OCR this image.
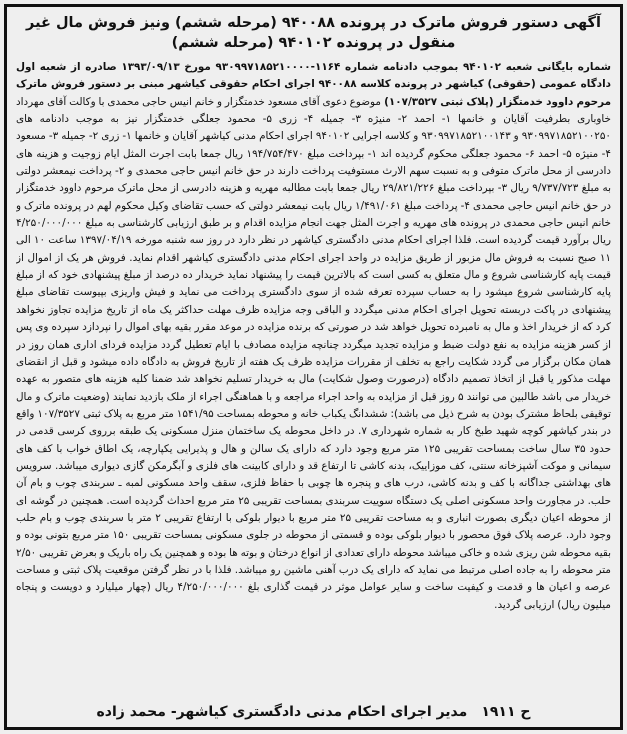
آگهی دستور فروش ماترک در پرونده ۹۴۰۰۸۸ (مرحله ششم) ونیز فروش مال غیر منقول در پرونده ۹۴۰۱۰۲ (مرحله ششم)
شماره بایگانی شعبه ۹۴۰۱۰۲ بموجب دادنامه شماره ۱۱۶۴-۹۳۰۹۹۷۱۸۵۲۱۰۰۰۰ مورخ ۱۳۹۳/۰۹/۱۳ صادره از شعبه اول دادگاه عمومی (حقوقی) کیاشهر در پرونده کلاسه ۹۴۰۰۸۸ اجرای احکام حقوقی کیاشهر مبنی بر دستور فروش ماترک مرحوم داوود خدمتگزار (پلاک ثبتی ۱۰۷/۳۵۲۷) موضوع دعوی آقای مسعود خدمتگزار و خانم انیس حاجی محمدی با وکالت آقای مهرداد خاوباری بطرفیت آقایان و خانمها ۱- احمد ۲- منیژه ۳- جمیله ۴- زری ۵- محمود جعلگی خدمتگزار نیز به موجب دادنامه های ۹۳۰۹۹۷۱۸۵۲۱۰۰۲۵۰ و ۹۳۰۹۹۷۱۸۵۲۱۰۰۱۴۳ و کلاسه اجرایی ۹۴۰۱۰۲ اجرای احکام مدنی کیاشهر آقایان و خانمها ۱- زری ۲- جمیله ۳- مسعود ۴- منیژه ۵- احمد ۶- محمود جعلگی محکوم گردیده اند ۱- بپرداخت مبلغ ۱۹۴/۷۵۴/۴۷۰ ریال جمعا بابت اجرت المثل ایام زوجیت و هزینه های دادرسی از محل ماترک متوفی و به نسبت سهم الارث مستوفیت پرداخت دارند در حق خانم انیس حاجی محمدی و ۲- پرداخت نیمعشر دولتی به مبلغ ۹/۷۳۷/۷۲۳ ریال ۳- بپرداخت مبلغ ۲۹/۸۲۱/۲۲۶ ریال جمعا بابت مطالبه مهریه و هزینه دادرسی از محل ماترک مرحوم داوود خدمتگزار در حق خانم انیس حاجی محمدی ۴- پرداخت مبلغ ۱/۴۹۱/۰۶۱ ریال بابت نیمعشر دولتی که حسب تقاضای وکیل محکوم لهم در پرونده ماترک و خانم انیس حاجی محمدی در پرونده های مهریه و اجرت المثل جهت انجام مزایده اقدام و بر طبق ارزیابی کارشناسی به مبلغ ۴/۲۵۰/۰۰۰/۰۰۰ ریال برآورد قیمت گردیده است. فلذا اجرای احکام مدنی دادگستری کیاشهر در نظر دارد در روز سه شنبه مورخه ۱۳۹۷/۰۴/۱۹ ساعت ۱۰ الی ۱۱ صبح نسبت به فروش مال مزبور از طریق مزایده در واحد اجرای احکام مدنی دادگستری کیاشهر اقدام نماید. فروش هر یک از اموال از قیمت پایه کارشناسی شروع و مال متعلق به کسی است که بالاترین قیمت را پیشنهاد نماید خریدار ده درصد از مبلغ پیشنهادی خود که از مبلغ پایه کارشناسی شروع میشود را به حساب سپرده تعرفه شده از سوی دادگستری پرداخت می نماید و فیش واریزی بپیوست تقاضای مبلغ پیشنهادی در پاکت دربسته تحویل اجرای احکام مدنی میگردد و الباقی وجه مزایده ظرف مهلت حداکثر یک ماه از تاریخ مزایده تجاوز نخواهد کرد که از خریدار اخذ و مال به نامبرده تحویل خواهد شد در صورتی که برنده مزایده در موعد مقرر بقیه بهای اموال را نپردازد سپرده وی پس از کسر هزینه مزایده به نفع دولت ضبط و مزایده تجدید میگردد چنانچه مزایده مصادف با ایام تعطیل گردد مزایده فردای اداری همان روز در همان مکان برگزار می گردد شکایت راجع به تخلف از مقررات مزایده ظرف یک هفته از تاریخ فروش به دادگاه داده میشود و قبل از انقضای مهلت مذکور یا قبل از اتخاذ تصمیم دادگاه (درصورت وصول شکایت) مال به خریدار تسلیم نخواهد شد ضمنا کلیه هزینه های متصور به عهده خریدار می باشد طالبین می توانند ۵ روز قبل از مزایده به واحد اجراء مراجعه و با هماهنگی اجراء از ملک بازدید نمایند (وضعیت ماترک و مال توقیفی بلحاظ مشترک بودن به شرح ذیل می باشد): ششدانگ یکباب خانه و محوطه بمساحت ۱۵۴۱/۹۵ متر مربع به پلاک ثبتی ۱۰۷/۳۵۲۷ واقع در بندر کیاشهر کوچه شهید طبخ کار به شماره شهرداری ۷. در داخل محوطه یک ساختمان منزل مسکونی یک طبقه برروی کرسی قدمی در حدود ۳۵ سال ساخت بمساحت تقریبی ۱۲۵ متر مربع وجود دارد که دارای یک سالن و هال و پذیرایی یکپارچه، یک اطاق خواب با کف های سیمانی و موکت آشپزخانه سنتی، کف موزاییک، بدنه کاشی تا ارتفاع قد و دارای کابینت های فلزی و آبگرمکن گازی دیواری میباشد. سرویس های بهداشتی جداگانه با کف و بدنه کاشی، درب های و پنجره ها چوبی با حفاظ فلزی، سقف واحد مسکونی لمبه ـ سربندی چوب و بام آن حلب. در مجاورت واحد مسکونی اصلی یک دستگاه سوییت سربندی بمساحت تقریبی ۲۵ متر مربع احداث گردیده است. همچنین در گوشه ای از محوطه اعیان دیگری بصورت انباری و به مساحت تقریبی ۲۵ متر مربع با دیوار بلوکی با ارتفاع تقریبی ۲ متر با سربندی چوب و بام حلب وجود دارد. عرصه پلاک فوق محصور با دیوار بلوکی بوده و قسمتی از محوطه در جلوی مسکونی بمساحت تقریبی ۱۵۰ متر مربع بتونی بوده و بقیه محوطه شن ریزی شده و خاکی میباشد محوطه دارای تعدادی از انواع درختان و بوته ها بوده و همچنین یک راه باریک و بعرض تقریبی ۲/۵۰ متر محوطه را به جاده اصلی مرتبط می نماید که دارای یک درب آهنی ماشین رو میباشد. فلذا با در نظر گرفتن موقعیت پلاک ثبتی و مساحت عرصه و اعیان ها و قدمت و کیفیت ساخت و سایر عوامل موثر در قیمت گذاری بلغ ۴/۲۵۰/۰۰۰/۰۰۰ ریال (چهار میلیارد و دویست و پنجاه میلیون ریال) ارزیابی گردید.
ح ۱۹۱۱
مدیر اجرای احکام مدنی دادگستری کیاشهر- محمد زاده
